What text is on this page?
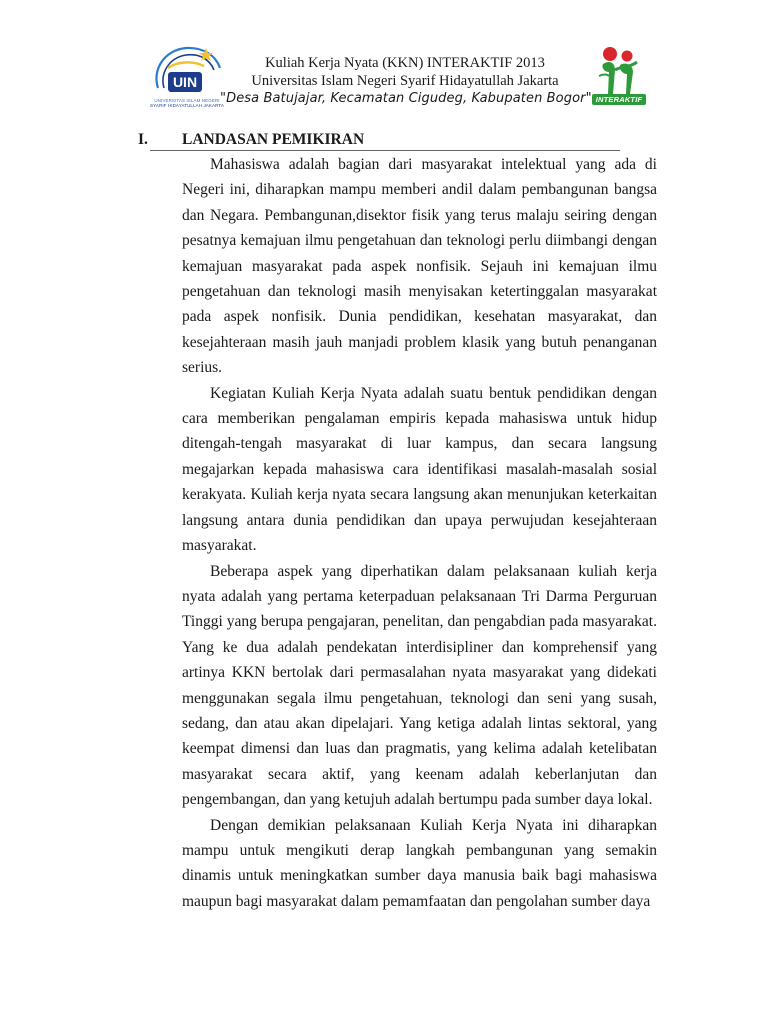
UIN
UNIVERSITAS ISLAM NEGERI
SYARIF HIDAYATULLAH JAKARTA
Kuliah Kerja Nyata (KKN) INTERAKTIF 2013
Universitas Islam Negeri Syarif Hidayatullah Jakarta
"Desa Batujajar, Kecamatan Cigudeg, Kabupaten Bogor" INTERAKTIF
I. LANDASAN PEMIKIRAN

Mahasiswa adalah bagian dari masyarakat intelektual yang ada di Negeri ini, diharapkan mampu memberi andil dalam pembangunan bangsa dan Negara. Pembangunan,disektor fisik yang terus malaju seiring dengan pesatnya kemajuan ilmu pengetahuan dan teknologi perlu diimbangi dengan kemajuan masyarakat pada aspek nonfisik. Sejauh ini kemajuan ilmu pengetahuan dan teknologi masih menyisakan ketertinggalan masyarakat pada aspek nonfisik. Dunia pendidikan, kesehatan masyarakat, dan kesejahteraan masih jauh manjadi problem klasik yang butuh penanganan serius.

Kegiatan Kuliah Kerja Nyata adalah suatu bentuk pendidikan dengan cara memberikan pengalaman empiris kepada mahasiswa untuk hidup ditengah-tengah masyarakat di luar kampus, dan secara langsung megajarkan kepada mahasiswa cara identifikasi masalah-masalah sosial kerakyata. Kuliah kerja nyata secara langsung akan menunjukan keterkaitan langsung antara dunia pendidikan dan upaya perwujudan kesejahteraan masyarakat.

Beberapa aspek yang diperhatikan dalam pelaksanaan kuliah kerja nyata adalah yang pertama keterpaduan pelaksanaan Tri Darma Perguruan Tinggi yang berupa pengajaran, penelitan, dan pengabdian pada masyarakat. Yang ke dua adalah pendekatan interdisipliner dan komprehensif yang artinya KKN bertolak dari permasalahan nyata masyarakat yang didekati menggunakan segala ilmu pengetahuan, teknologi dan seni yang susah, sedang, dan atau akan dipelajari. Yang ketiga adalah lintas sektoral, yang keempat dimensi dan luas dan pragmatis, yang kelima adalah ketelibatan masyarakat secara aktif, yang keenam adalah keberlanjutan dan pengembangan, dan yang ketujuh adalah bertumpu pada sumber daya lokal.

Dengan demikian pelaksanaan Kuliah Kerja Nyata ini diharapkan mampu untuk mengikuti derap langkah pembangunan yang semakin dinamis untuk meningkatkan sumber daya manusia baik bagi mahasiswa maupun bagi masyarakat dalam pemamfaatan dan pengolahan sumber daya
